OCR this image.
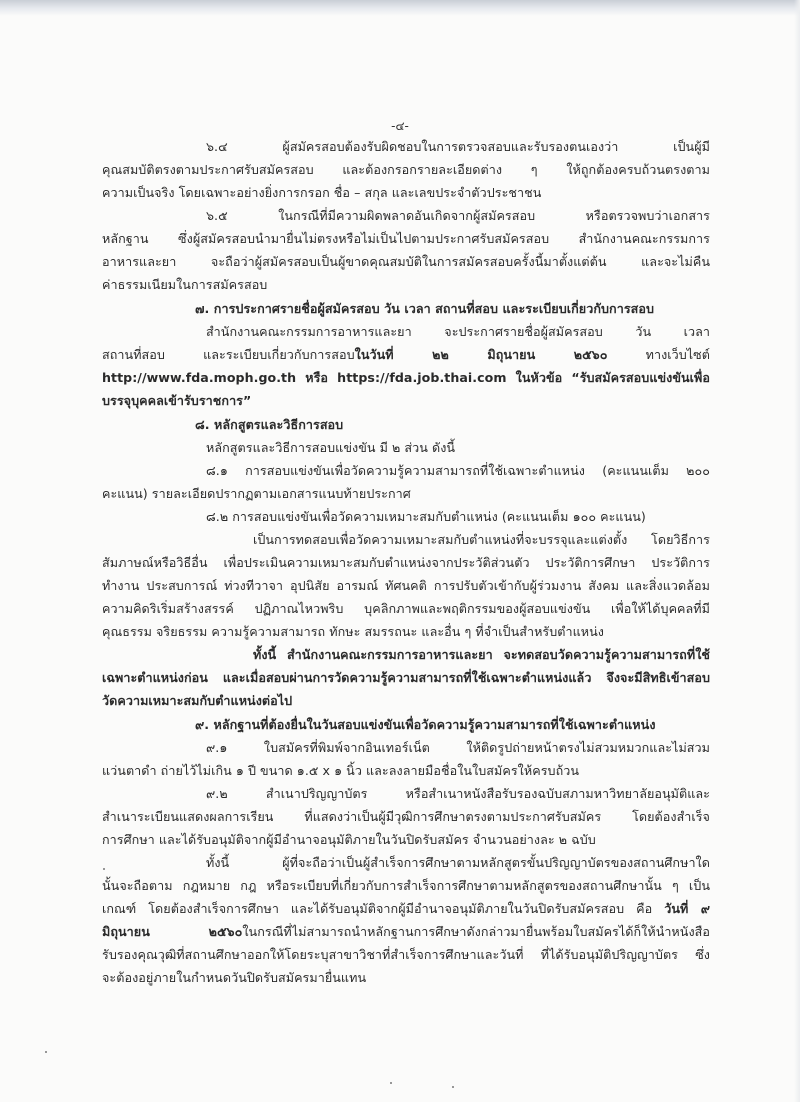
-๔-
๖.๔ ผู้สมัครสอบต้องรับผิดชอบในการตรวจสอบและรับรองตนเองว่า เป็นผู้มี
คุณสมบัติตรงตามประกาศรับสมัครสอบ และต้องกรอกรายละเอียดต่าง ๆ ให้ถูกต้องครบถ้วนตรงตาม
ความเป็นจริง โดยเฉพาะอย่างยิ่งการกรอก ชื่อ – สกุล และเลขประจำตัวประชาชน
๖.๕ ในกรณีที่มีความผิดพลาดอันเกิดจากผู้สมัครสอบ หรือตรวจพบว่าเอกสาร
หลักฐาน ซึ่งผู้สมัครสอบนำมายื่นไม่ตรงหรือไม่เป็นไปตามประกาศรับสมัครสอบ สำนักงานคณะกรรมการ
อาหารและยา จะถือว่าผู้สมัครสอบเป็นผู้ขาดคุณสมบัติในการสมัครสอบครั้งนี้มาตั้งแต่ต้น และจะไม่คืน
ค่าธรรมเนียมในการสมัครสอบ
๗. การประกาศรายชื่อผู้สมัครสอบ วัน เวลา สถานที่สอบ และระเบียบเกี่ยวกับการสอบ
สำนักงานคณะกรรมการอาหารและยา จะประกาศรายชื่อผู้สมัครสอบ วัน เวลา
สถานที่สอบ และระเบียบเกี่ยวกับการสอบในวันที่ ๒๒ มิถุนายน ๒๕๖๐ ทางเว็บไซต์
http://www.fda.moph.go.th หรือ https://fda.job.thai.com ในหัวข้อ “รับสมัครสอบแข่งขันเพื่อ
บรรจุบุคคลเข้ารับราชการ”
๘. หลักสูตรและวิธีการสอบ
หลักสูตรและวิธีการสอบแข่งขัน มี ๒ ส่วน ดังนี้
๘.๑ การสอบแข่งขันเพื่อวัดความรู้ความสามารถที่ใช้เฉพาะตำแหน่ง (คะแนนเต็ม ๒๐๐
คะแนน) รายละเอียดปรากฏตามเอกสารแนบท้ายประกาศ
๘.๒ การสอบแข่งขันเพื่อวัดความเหมาะสมกับตำแหน่ง (คะแนนเต็ม ๑๐๐ คะแนน)
เป็นการทดสอบเพื่อวัดความเหมาะสมกับตำแหน่งที่จะบรรจุและแต่งตั้ง โดยวิธีการ
สัมภาษณ์หรือวิธีอื่น เพื่อประเมินความเหมาะสมกับตำแหน่งจากประวัติส่วนตัว ประวัติการศึกษา ประวัติการ
ทำงาน ประสบการณ์ ท่วงทีวาจา อุปนิสัย อารมณ์ ทัศนคติ การปรับตัวเข้ากับผู้ร่วมงาน สังคม และสิ่งแวดล้อม
ความคิดริเริ่มสร้างสรรค์ ปฏิภาณไหวพริบ บุคลิกภาพและพฤติกรรมของผู้สอบแข่งขัน เพื่อให้ได้บุคคลที่มี
คุณธรรม จริยธรรม ความรู้ความสามารถ ทักษะ สมรรถนะ และอื่น ๆ ที่จำเป็นสำหรับตำแหน่ง
ทั้งนี้ สำนักงานคณะกรรมการอาหารและยา จะทดสอบวัดความรู้ความสามารถที่ใช้
เฉพาะตำแหน่งก่อน และเมื่อสอบผ่านการวัดความรู้ความสามารถที่ใช้เฉพาะตำแหน่งแล้ว จึงจะมีสิทธิเข้าสอบ
วัดความเหมาะสมกับตำแหน่งต่อไป
๙. หลักฐานที่ต้องยื่นในวันสอบแข่งขันเพื่อวัดความรู้ความสามารถที่ใช้เฉพาะตำแหน่ง
๙.๑ ใบสมัครที่พิมพ์จากอินเทอร์เน็ต ให้ติดรูปถ่ายหน้าตรงไม่สวมหมวกและไม่สวม
แว่นตาดำ ถ่ายไว้ไม่เกิน ๑ ปี ขนาด ๑.๕ x ๑ นิ้ว และลงลายมือชื่อในใบสมัครให้ครบถ้วน
๙.๒ สำเนาปริญญาบัตร หรือสำเนาหนังสือรับรองฉบับสภามหาวิทยาลัยอนุมัติและ
สำเนาระเบียนแสดงผลการเรียน ที่แสดงว่าเป็นผู้มีวุฒิการศึกษาตรงตามประกาศรับสมัคร โดยต้องสำเร็จ
การศึกษา และได้รับอนุมัติจากผู้มีอำนาจอนุมัติภายในวันปิดรับสมัคร จำนวนอย่างละ ๒ ฉบับ
ทั้งนี้ ผู้ที่จะถือว่าเป็นผู้สำเร็จการศึกษาตามหลักสูตรขั้นปริญญาบัตรของสถานศึกษาใด
นั้นจะถือตาม กฎหมาย กฎ หรือระเบียบที่เกี่ยวกับการสำเร็จการศึกษาตามหลักสูตรของสถานศึกษานั้น ๆ เป็น
เกณฑ์ โดยต้องสำเร็จการศึกษา และได้รับอนุมัติจากผู้มีอำนาจอนุมัติภายในวันปิดรับสมัครสอบ คือ วันที่ ๙
มิถุนายน ๒๕๖๐ในกรณีที่ไม่สามารถนำหลักฐานการศึกษาดังกล่าวมายื่นพร้อมใบสมัครได้ก็ให้นำหนังสือ
รับรองคุณวุฒิที่สถานศึกษาออกให้โดยระบุสาขาวิชาที่สำเร็จการศึกษาและวันที่ ที่ได้รับอนุมัติปริญญาบัตร ซึ่ง
จะต้องอยู่ภายในกำหนดวันปิดรับสมัครมายื่นแทน
